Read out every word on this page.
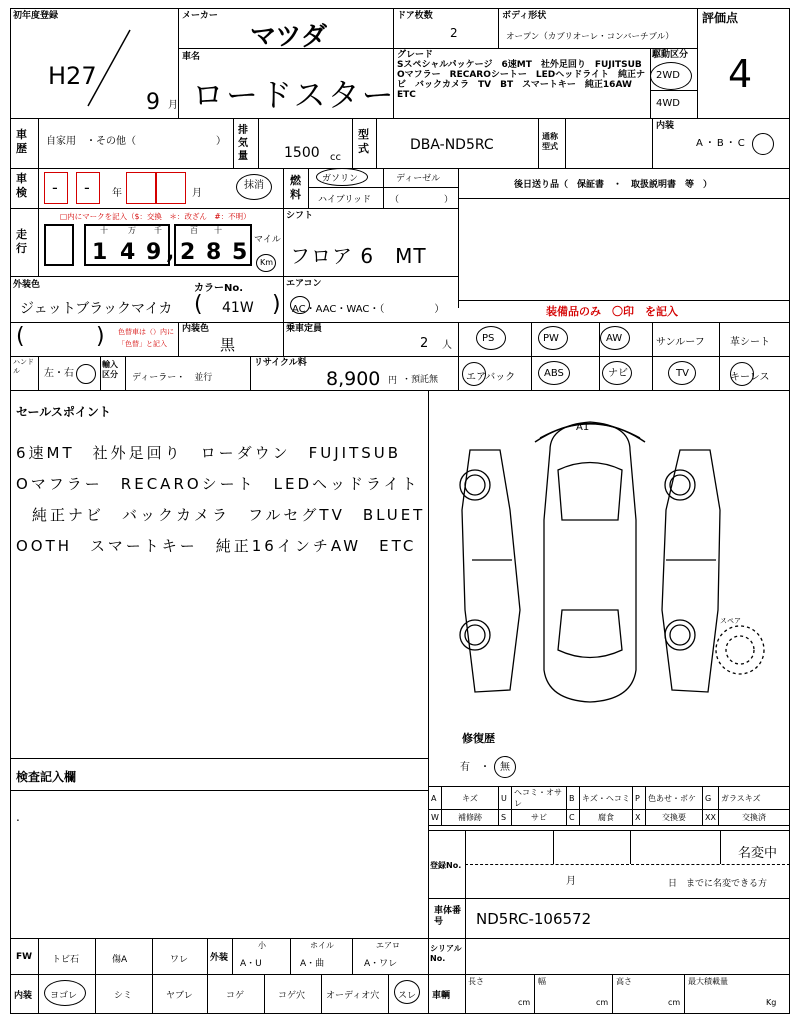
初年度登録
H27
9 月
メーカー
マツダ
車名
ロードスター
ドア枚数
2
ボディ形状
オープン（カブリオーレ・コンバーチブル）
グレード
Sスペシャルパッケージ　6速MT　社外足回り　FUJITSUBOマフラー　RECAROシートー　LEDヘッドライト　純正ナビ　バックカメラ　TV　BT　スマートキー　純正16AW　ETC
駆動区分
2WD
4WD
評価点
4
車歴
自家用　・その他（　　　　　　　　）
排気量	1500 cc
型式	DBA-ND5RC
通称型式
内装
A・B・C
車検 - - 年	月
抹消 燃料
ガソリン	ディーゼル
ハイブリッド （　　　　　）
後日送り品（　保証書　・　取扱説明書　等　）
走行
□内にマークを記入（$：交換　＊：改ざん　#：不明）
1 4 9 , 2 8 5
十	万 千	百 十
マイル
Km
シフト
フロア 6　MT
外装色
ジェットブラックマイカ
カラーNo.
( 41W )
エアコン
AC・AAC・WAC・（　　　　　）	装備品のみ　〇印　を記入
(	) 色替車は（）内に「色替」と記入
内装色
黒
乗車定員
2 人
PS	PW	AW	サンルーフ	革シート
ハンドル	左・右
輸入区分	ディーラー・　並行
リサイクル料
8,900 円 ・預託無	エアバック	ABS	ナビ	TV	キーレス
セールスポイント
6速MT　社外足回り　ローダウン　FUJITSUB
Oマフラー　RECAROシート　LEDヘッドライト
純正ナビ　バックカメラ　フルセグTV　BLUET
OOTH　スマートキー　純正16インチAW　ETC
A1
スペア
修復歴
有　・　無
検査記入欄
.
A	キズ	U	ヘコミ・オサレ	B	キズ・ヘコミ	P	色あせ・ボケ	G	ガラスキズ
W	補修跡	S	サビ	C	腐食	X	交換要	XX	交換済
登録No.
名変中
月	日　までに名変できる方
車体番号	ND5RC-106572
FW トビ石	傷A	ワレ 外装
小
A・U
ホイル
A・曲
エアロ
A・ワレ
シリアルNo.
内装 ヨゴレ	シミ	ヤブレ	コゲ	コゲ穴 オーディオ穴 スレ 車輌
長さ
cm
幅
cm
高さ
cm
最大積載量
Kg
